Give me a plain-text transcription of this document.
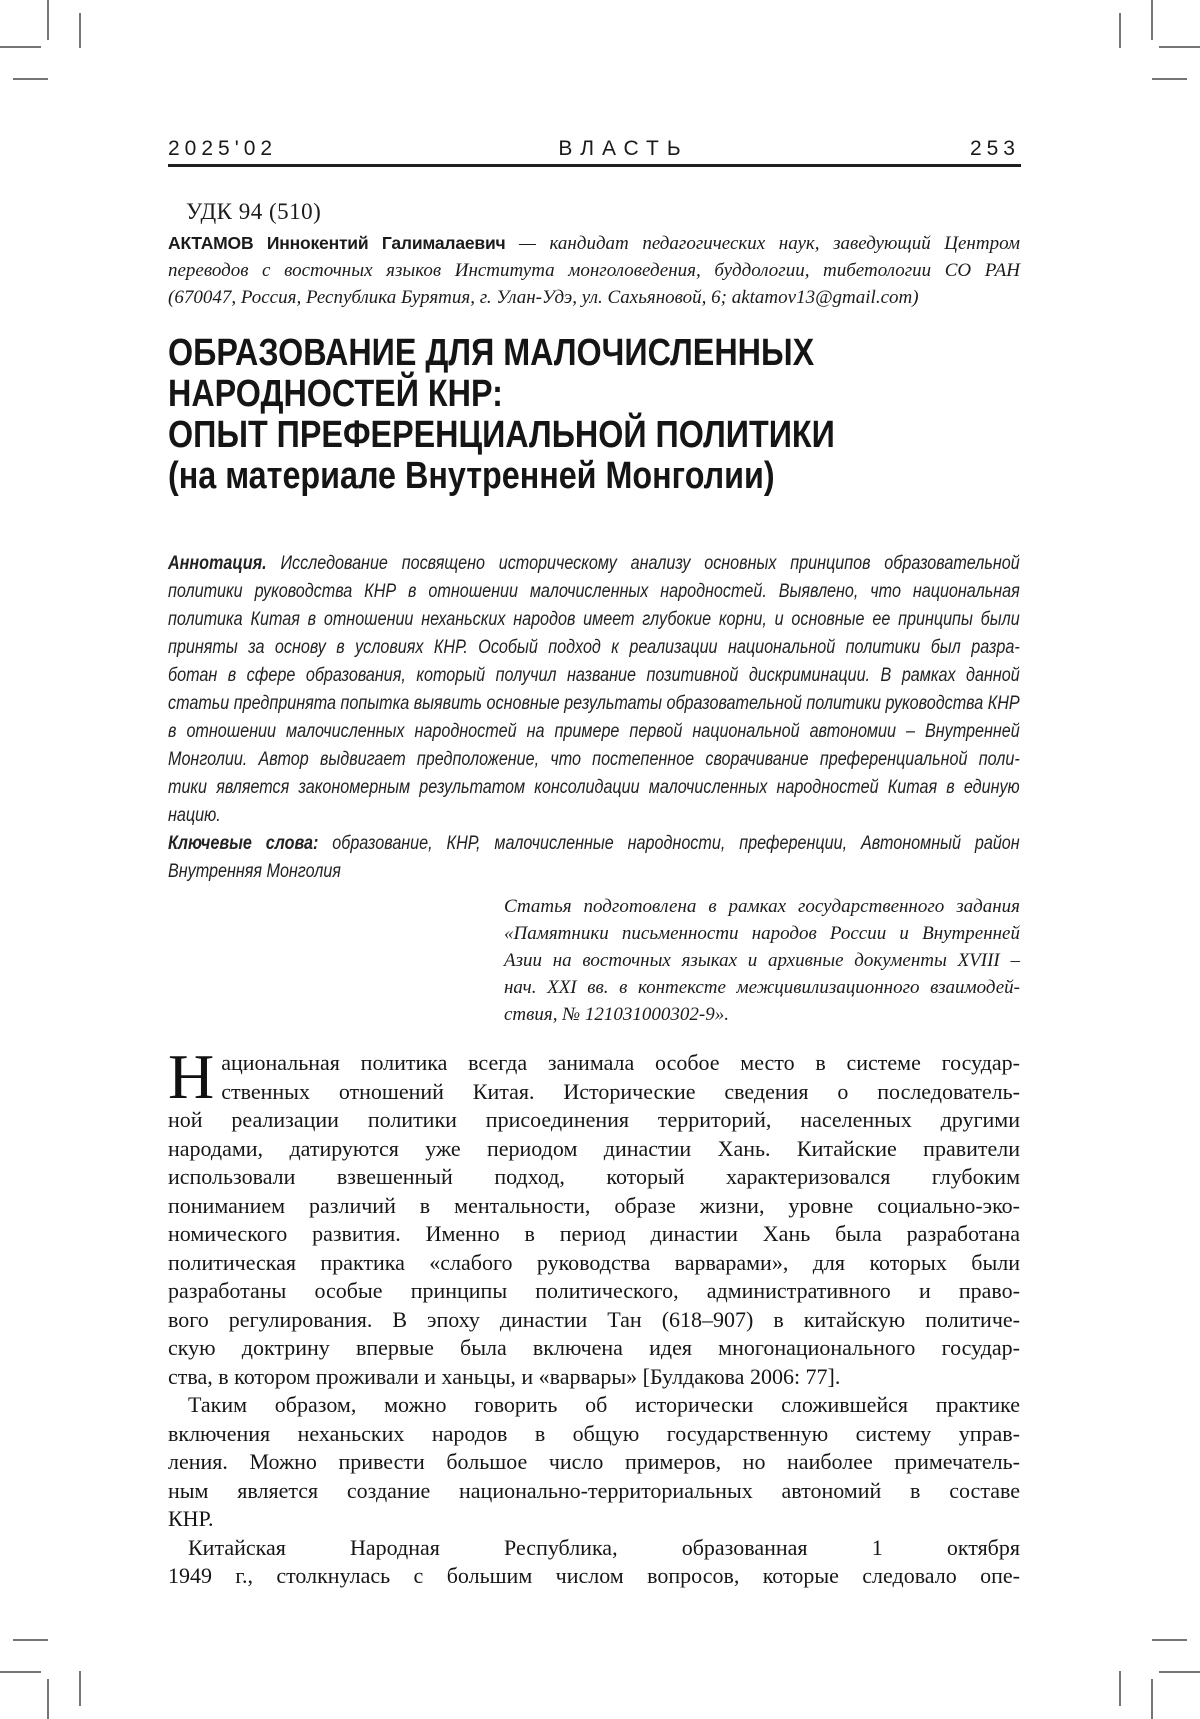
2025'02	ВЛАСТЬ	253
УДК 94 (510)
АКТАМОВ Иннокентий Галималаевич — кандидат педагогических наук, заведующий Центром
переводов с восточных языков Института монголоведения, буддологии, тибетологии СО РАН
(670047, Россия, Республика Бурятия, г. Улан-Удэ, ул. Сахьяновой, 6; aktamov13@gmail.com)
ОБРАЗОВАНИЕ ДЛЯ МАЛОЧИСЛЕННЫХ
НАРОДНОСТЕЙ КНР:
ОПЫТ ПРЕФЕРЕНЦИАЛЬНОЙ ПОЛИТИКИ
(на материале Внутренней Монголии)
Аннотация. Исследование посвящено историческому анализу основных принципов образовательной
политики руководства КНР в отношении малочисленных народностей. Выявлено, что национальная
политика Китая в отношении неханьских народов имеет глубокие корни, и основные ее принципы были
приняты за основу в условиях КНР. Особый подход к реализации национальной политики был разра-
ботан в сфере образования, который получил название позитивной дискриминации. В рамках данной
статьи предпринята попытка выявить основные результаты образовательной политики руководства КНР
в отношении малочисленных народностей на примере первой национальной автономии – Внутренней
Монголии. Автор выдвигает предположение, что постепенное сворачивание преференциальной поли-
тики является закономерным результатом консолидации малочисленных народностей Китая в единую
нацию.
Ключевые слова: образование, КНР, малочисленные народности, преференции, Автономный район
Внутренняя Монголия
Статья подготовлена в рамках государственного задания
«Памятники письменности народов России и Внутренней
Азии на восточных языках и архивные документы XVIII –
нач. XXI вв. в контексте межцивилизационного взаимодей-
ствия, № 121031000302-9».
Н ациональная политика всегда занимала особое место в системе государ-
ственных отношений Китая. Исторические сведения о последователь-
ной реализации политики присоединения территорий, населенных другими
народами, датируются уже периодом династии Хань. Китайские правители
использовали взвешенный подход, который характеризовался глубоким
пониманием различий в ментальности, образе жизни, уровне социально-эко-
номического развития. Именно в период династии Хань была разработана
политическая практика «слабого руководства варварами», для которых были
разработаны особые принципы политического, административного и право-
вого регулирования. В эпоху династии Тан (618–907) в китайскую политиче-
скую доктрину впервые была включена идея многонационального государ-
ства, в котором проживали и ханьцы, и «варвары» [Булдакова 2006: 77].
Таким образом, можно говорить об исторически сложившейся практике
включения неханьских народов в общую государственную систему управ-
ления. Можно привести большое число примеров, но наиболее примечатель-
ным является создание национально-территориальных автономий в составе
КНР.
Китайская Народная Республика, образованная 1 октября
1949 г., столкнулась с большим числом вопросов, которые следовало опе-
